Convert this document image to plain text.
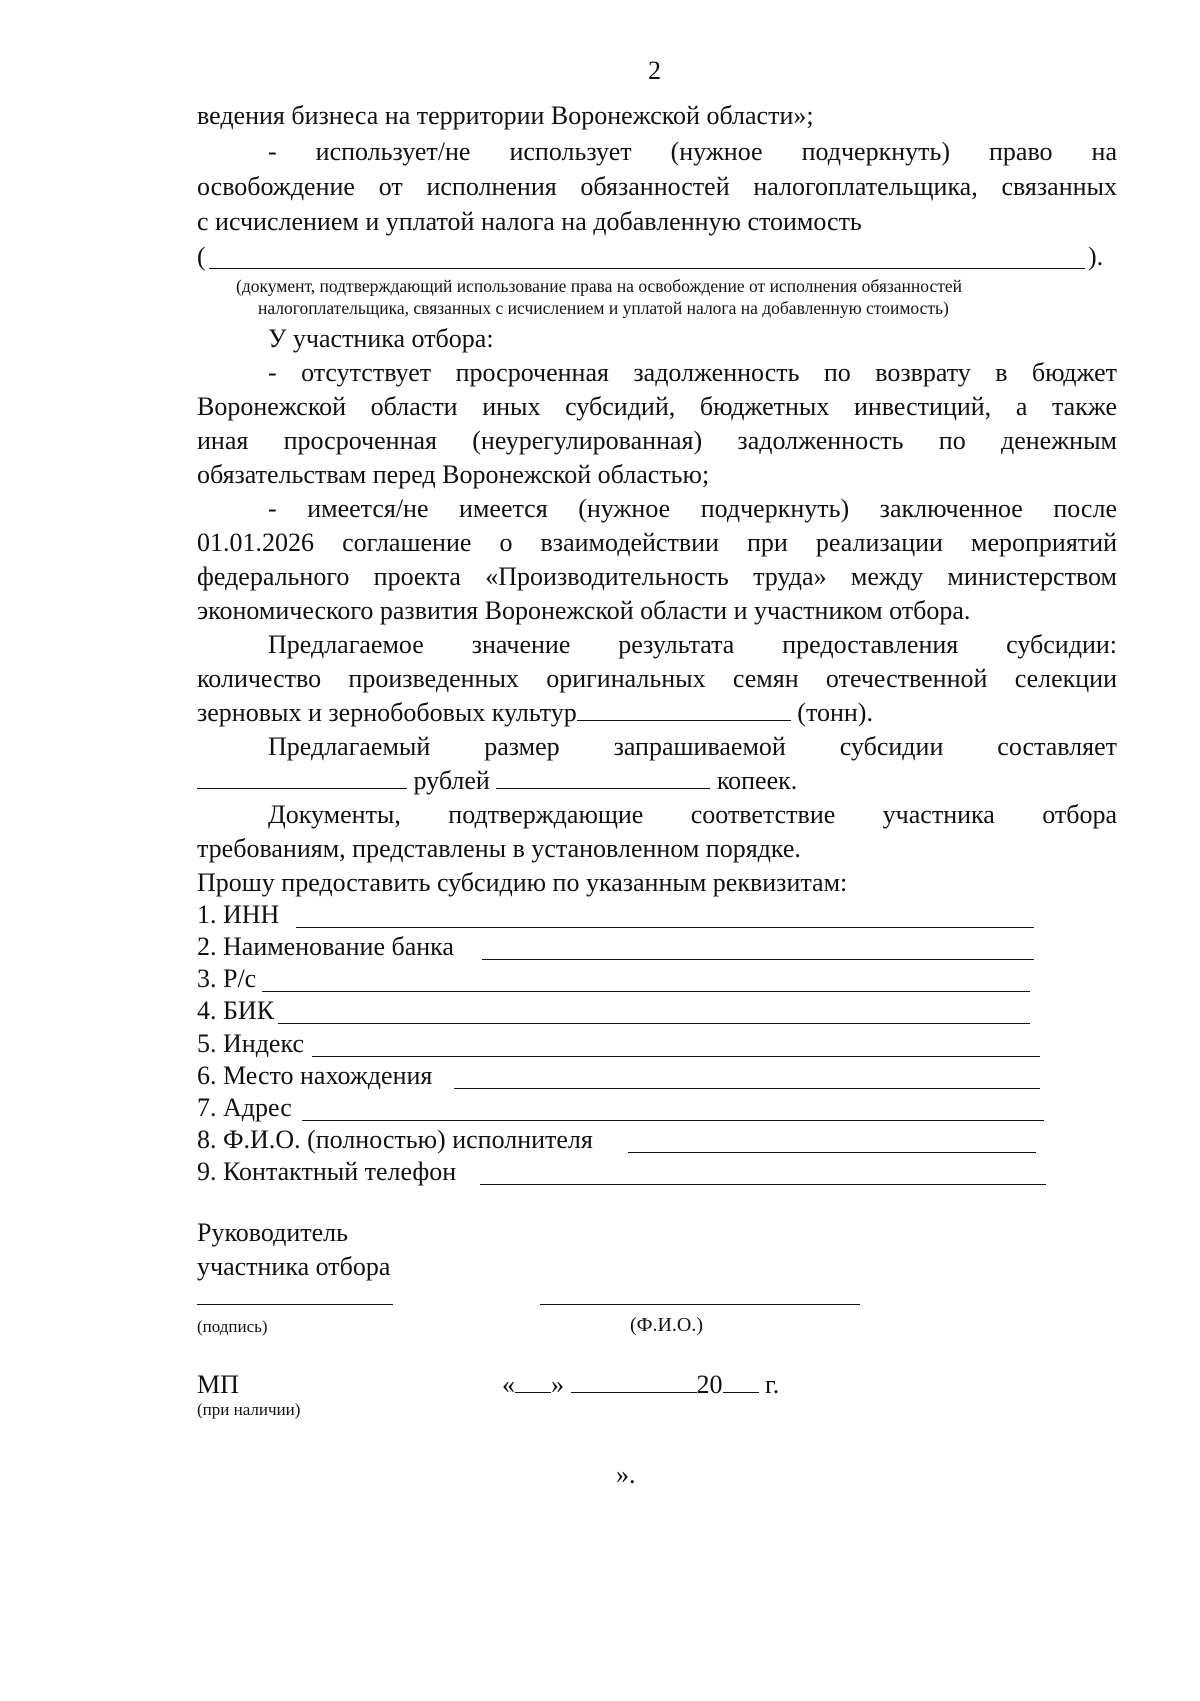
2
ведения бизнеса на территории Воронежской области»;
- использует/не использует (нужное подчеркнуть) право на
освобождение от исполнения обязанностей налогоплательщика, связанных
с исчислением и уплатой налога на добавленную стоимость
(	).
(документ, подтверждающий использование права на освобождение от исполнения обязанностей
налогоплательщика, связанных с исчислением и уплатой налога на добавленную стоимость)
У участника отбора:
- отсутствует просроченная задолженность по возврату в бюджет
Воронежской области иных субсидий, бюджетных инвестиций, а также
иная просроченная (неурегулированная) задолженность по денежным
обязательствам перед Воронежской областью;
- имеется/не имеется (нужное подчеркнуть) заключенное после
01.01.2026 соглашение о взаимодействии при реализации мероприятий
федерального проекта «Производительность труда» между министерством
экономического развития Воронежской области и участником отбора.
Предлагаемое значение результата предоставления субсидии:
количество произведенных оригинальных семян отечественной селекции
зерновых и зернобобовых культур	(тонн).
Предлагаемый размер запрашиваемой субсидии составляет
рублей	копеек.
Документы, подтверждающие соответствие участника отбора
требованиям, представлены в установленном порядке.
Прошу предоставить субсидию по указанным реквизитам:
1. ИНН
2. Наименование банка
3. Р/с
4. БИК
5. Индекс
6. Место нахождения
7. Адрес
8. Ф.И.О. (полностью) исполнителя
9. Контактный телефон
Руководитель
участника отбора
(подпись)	(Ф.И.О.)
МП
(при наличии)
« »	20 г.
».
